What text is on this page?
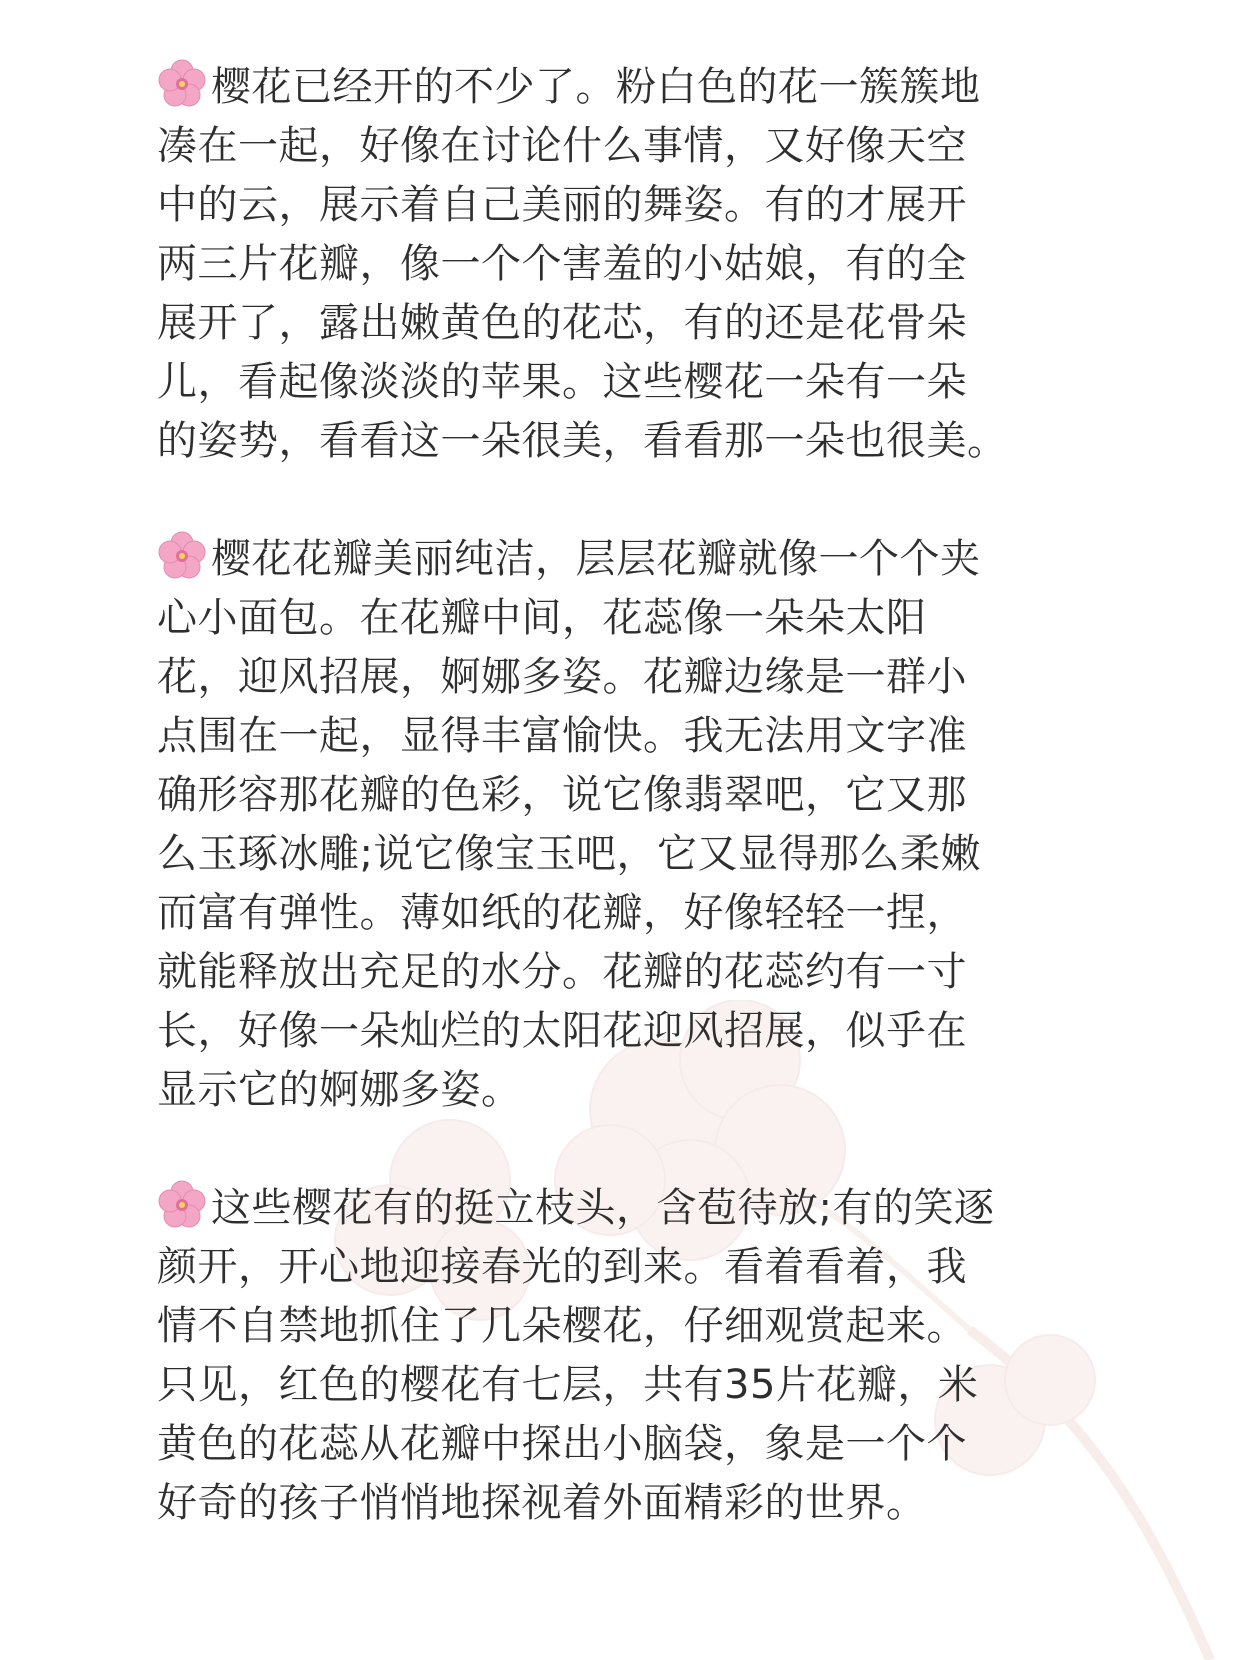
樱花已经开的不少了。粉白色的花一簇簇地
凑在一起，好像在讨论什么事情，又好像天空
中的云，展示着自己美丽的舞姿。有的才展开
两三片花瓣，像一个个害羞的小姑娘，有的全
展开了，露出嫩黄色的花芯，有的还是花骨朵
儿，看起像淡淡的苹果。这些樱花一朵有一朵
的姿势，看看这一朵很美，看看那一朵也很美。
樱花花瓣美丽纯洁，层层花瓣就像一个个夹
心小面包。在花瓣中间，花蕊像一朵朵太阳
花，迎风招展，婀娜多姿。花瓣边缘是一群小
点围在一起，显得丰富愉快。我无法用文字准
确形容那花瓣的色彩，说它像翡翠吧，它又那
么玉琢冰雕;说它像宝玉吧，它又显得那么柔嫩
而富有弹性。薄如纸的花瓣，好像轻轻一捏，
就能释放出充足的水分。花瓣的花蕊约有一寸
长，好像一朵灿烂的太阳花迎风招展，似乎在
显示它的婀娜多姿。
这些樱花有的挺立枝头，含苞待放;有的笑逐
颜开，开心地迎接春光的到来。看着看着，我
情不自禁地抓住了几朵樱花，仔细观赏起来。
只见，红色的樱花有七层，共有35片花瓣，米
黄色的花蕊从花瓣中探出小脑袋，象是一个个
好奇的孩子悄悄地探视着外面精彩的世界。
